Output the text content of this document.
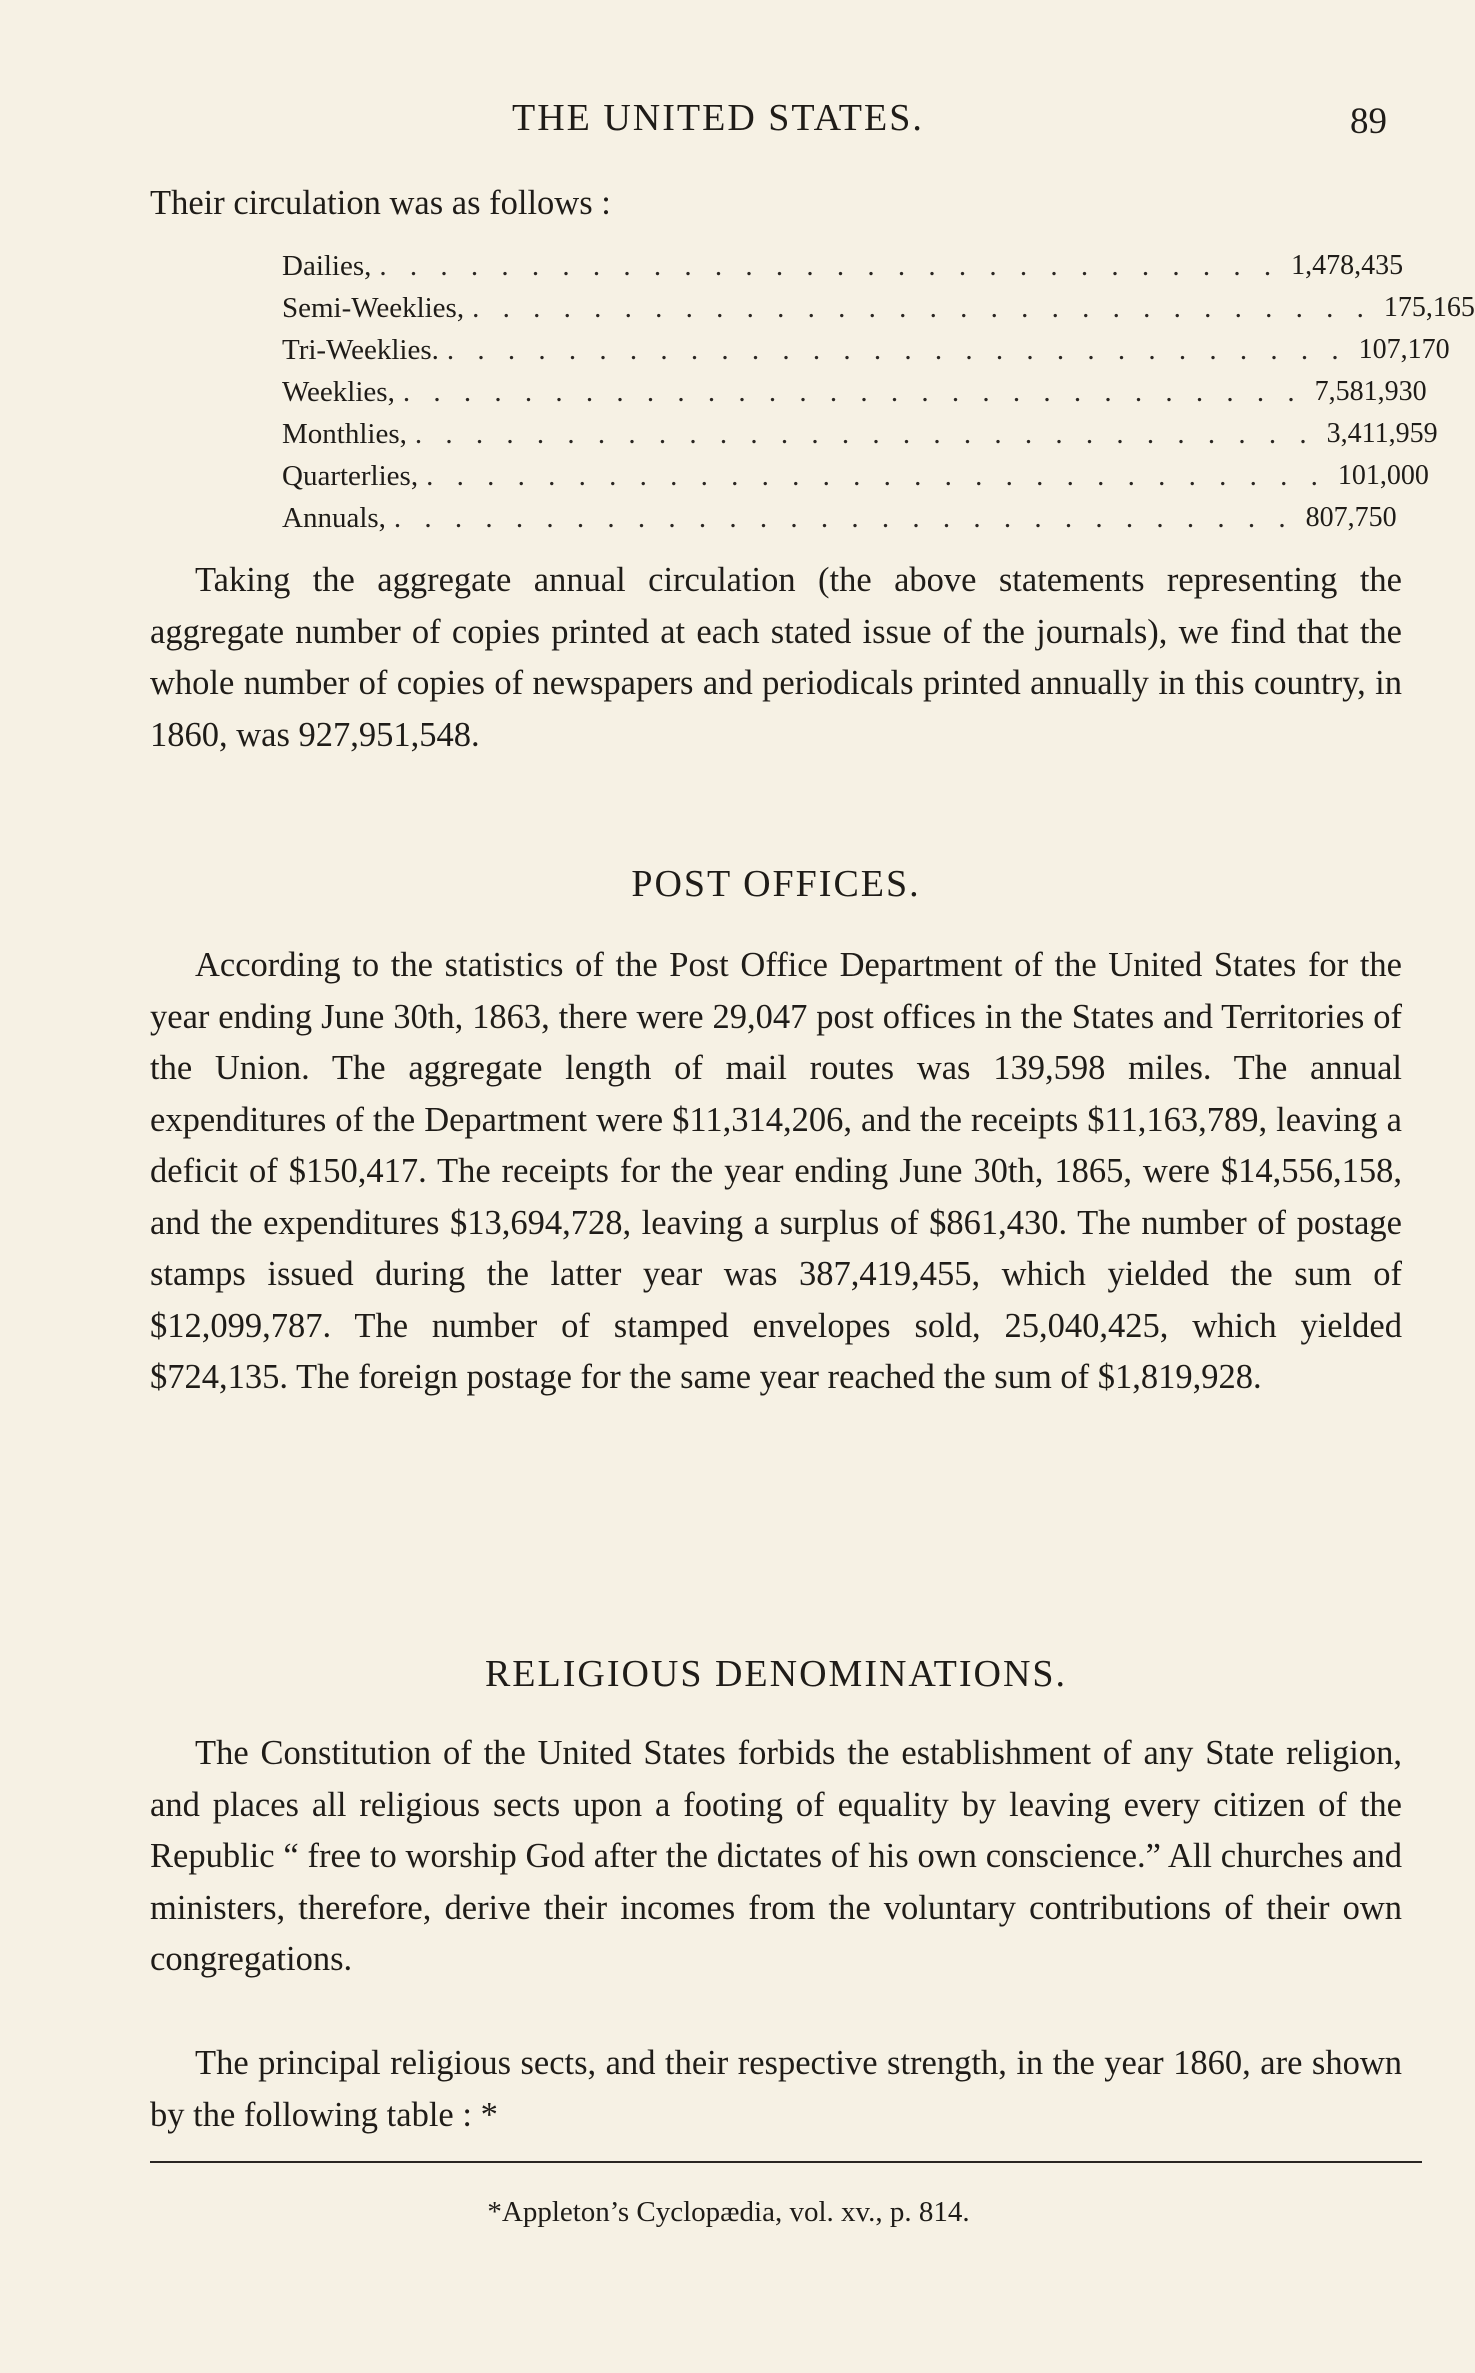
THE UNITED STATES.	89
Their circulation was as follows :
Dailies, . . . . . . . . . . . . . . . . . . . . . . . . . . . . . . 1,478,435
Semi-Weeklies, . . . . . . . . . . . . . . . . . . . . . . . . . . . . . . 175,165
Tri-Weeklies. . . . . . . . . . . . . . . . . . . . . . . . . . . . . . . 107,170
Weeklies, . . . . . . . . . . . . . . . . . . . . . . . . . . . . . . 7,581,930
Monthlies, . . . . . . . . . . . . . . . . . . . . . . . . . . . . . . 3,411,959
Quarterlies, . . . . . . . . . . . . . . . . . . . . . . . . . . . . . . 101,000
Annuals, . . . . . . . . . . . . . . . . . . . . . . . . . . . . . . 807,750

Taking the aggregate annual circulation (the above statements representing the aggregate number of copies printed at each stated issue of the journals), we find that the whole number of copies of newspapers and periodicals printed annually in this country, in 1860, was 927,951,548.

POST OFFICES.

According to the statistics of the Post Office Department of the United States for the year ending June 30th, 1863, there were 29,047 post offices in the States and Territories of the Union. The aggregate length of mail routes was 139,598 miles. The annual expenditures of the Department were $11,314,206, and the receipts $11,163,789, leaving a deficit of $150,417. The receipts for the year ending June 30th, 1865, were $14,556,158, and the expenditures $13,694,728, leaving a surplus of $861,430. The number of postage stamps issued during the latter year was 387,419,455, which yielded the sum of $12,099,787. The number of stamped envelopes sold, 25,040,425, which yielded $724,135. The foreign postage for the same year reached the sum of $1,819,928.

RELIGIOUS DENOMINATIONS.

The Constitution of the United States forbids the establishment of any State religion, and places all religious sects upon a footing of equality by leaving every citizen of the Republic “ free to worship God after the dictates of his own conscience.” All churches and ministers, therefore, derive their incomes from the voluntary contributions of their own congregations.

The principal religious sects, and their respective strength, in the year 1860, are shown by the following table : *

*Appleton’s Cyclopædia, vol. xv., p. 814.
